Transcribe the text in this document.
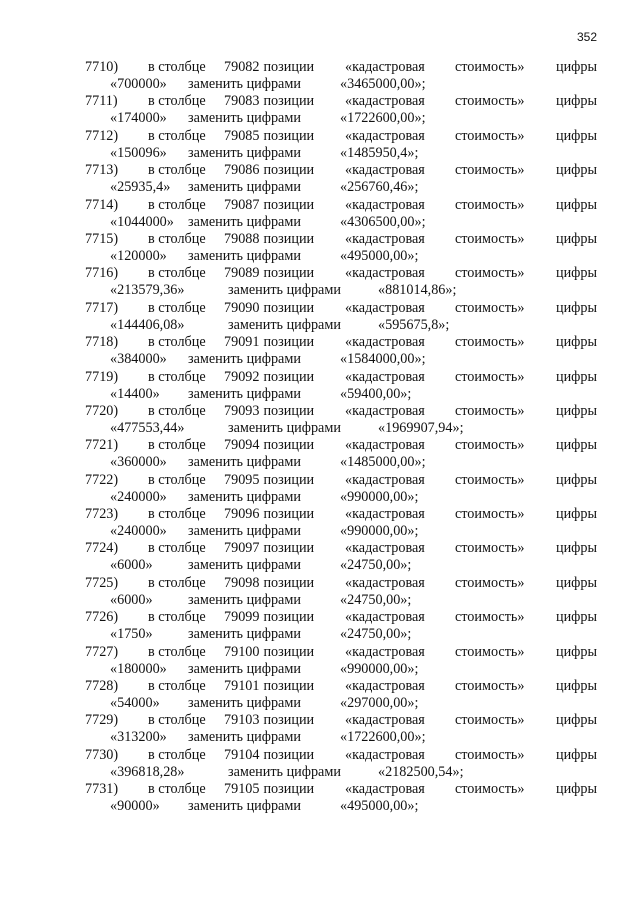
352
7710) в столбце 79082 позиции «кадастровая стоимость» цифры
«700000» заменить цифрами	«3465000,00»;
7711) в столбце 79083 позиции «кадастровая стоимость» цифры
«174000» заменить цифрами	«1722600,00»;
7712) в столбце 79085 позиции «кадастровая стоимость» цифры
«150096» заменить цифрами	«1485950,4»;
7713) в столбце 79086 позиции «кадастровая стоимость» цифры
«25935,4» заменить цифрами	«256760,46»;
7714) в столбце 79087 позиции «кадастровая стоимость» цифры
«1044000» заменить цифрами	«4306500,00»;
7715) в столбце 79088 позиции «кадастровая стоимость» цифры
«120000» заменить цифрами	«495000,00»;
7716) в столбце 79089 позиции «кадастровая стоимость» цифры
«213579,36»	заменить цифрами	«881014,86»;
7717) в столбце 79090 позиции «кадастровая стоимость» цифры
«144406,08»	заменить цифрами	«595675,8»;
7718) в столбце 79091 позиции «кадастровая стоимость» цифры
«384000» заменить цифрами	«1584000,00»;
7719) в столбце 79092 позиции «кадастровая стоимость» цифры
«14400» заменить цифрами	«59400,00»;
7720) в столбце 79093 позиции «кадастровая стоимость» цифры
«477553,44»	заменить цифрами	«1969907,94»;
7721) в столбце 79094 позиции «кадастровая стоимость» цифры
«360000» заменить цифрами	«1485000,00»;
7722) в столбце 79095 позиции «кадастровая стоимость» цифры
«240000» заменить цифрами	«990000,00»;
7723) в столбце 79096 позиции «кадастровая стоимость» цифры
«240000» заменить цифрами	«990000,00»;
7724) в столбце 79097 позиции «кадастровая стоимость» цифры
«6000» заменить цифрами	«24750,00»;
7725) в столбце 79098 позиции «кадастровая стоимость» цифры
«6000» заменить цифрами	«24750,00»;
7726) в столбце 79099 позиции «кадастровая стоимость» цифры
«1750» заменить цифрами	«24750,00»;
7727) в столбце 79100 позиции «кадастровая стоимость» цифры
«180000» заменить цифрами	«990000,00»;
7728) в столбце 79101 позиции «кадастровая стоимость» цифры
«54000» заменить цифрами	«297000,00»;
7729) в столбце 79103 позиции «кадастровая стоимость» цифры
«313200» заменить цифрами	«1722600,00»;
7730) в столбце 79104 позиции «кадастровая стоимость» цифры
«396818,28»	заменить цифрами	«2182500,54»;
7731) в столбце 79105 позиции «кадастровая стоимость» цифры
«90000» заменить цифрами	«495000,00»;
